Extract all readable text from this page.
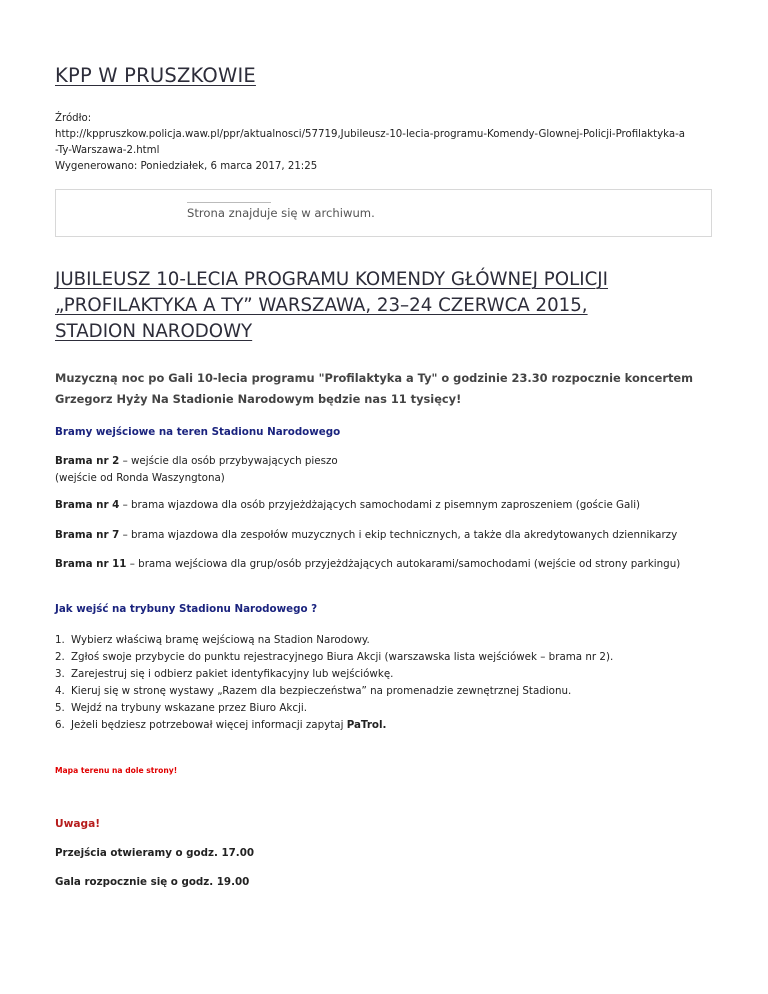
KPP W PRUSZKOWIE
Źródło:
http://kppruszkow.policja.waw.pl/ppr/aktualnosci/57719,Jubileusz-10-lecia-programu-Komendy-Glownej-Policji-Profilaktyka-a
-Ty-Warszawa-2.html
Wygenerowano: Poniedziałek, 6 marca 2017, 21:25
Strona znajduje się w archiwum.
JUBILEUSZ 10-LECIA PROGRAMU KOMENDY GŁÓWNEJ POLICJI
„PROFILAKTYKA A TY” WARSZAWA, 23–24 CZERWCA 2015,
STADION NARODOWY
Muzyczną noc po Gali 10-lecia programu "Profilaktyka a Ty" o godzinie 23.30 rozpocznie koncertem
Grzegorz Hyży Na Stadionie Narodowym będzie nas 11 tysięcy!
Bramy wejściowe na teren Stadionu Narodowego
Brama nr 2 – wejście dla osób przybywających pieszo
(wejście od Ronda Waszyngtona)
Brama nr 4 – brama wjazdowa dla osób przyjeżdżających samochodami z pisemnym zaproszeniem (goście Gali)
Brama nr 7 – brama wjazdowa dla zespołów muzycznych i ekip technicznych, a także dla akredytowanych dziennikarzy
Brama nr 11 – brama wejściowa dla grup/osób przyjeżdżających autokarami/samochodami (wejście od strony parkingu)
Jak wejść na trybuny Stadionu Narodowego ?
1. Wybierz właściwą bramę wejściową na Stadion Narodowy.
2. Zgłoś swoje przybycie do punktu rejestracyjnego Biura Akcji (warszawska lista wejściówek – brama nr 2).
3. Zarejestruj się i odbierz pakiet identyfikacyjny lub wejściówkę.
4. Kieruj się w stronę wystawy „Razem dla bezpieczeństwa” na promenadzie zewnętrznej Stadionu.
5. Wejdź na trybuny wskazane przez Biuro Akcji.
6. Jeżeli będziesz potrzebował więcej informacji zapytaj PaTrol.
Mapa terenu na dole strony!
Uwaga!
Przejścia otwieramy o godz. 17.00
Gala rozpocznie się o godz. 19.00
